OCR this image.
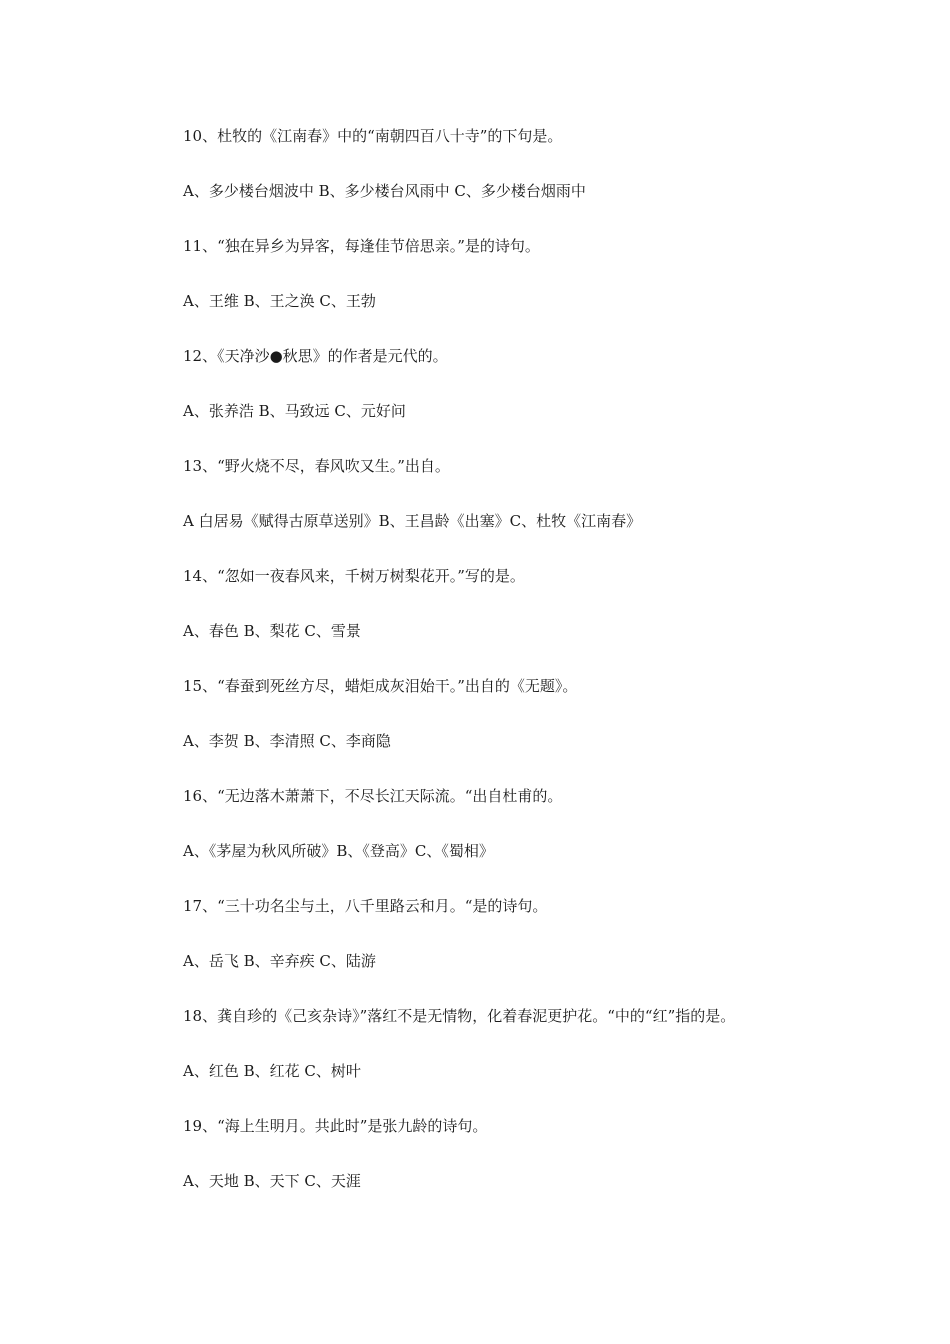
10、杜牧的《江南春》中的“南朝四百八十寺”的下句是。
A、多少楼台烟波中 B、多少楼台风雨中 C、多少楼台烟雨中
11、“独在异乡为异客，每逢佳节倍思亲。”是的诗句。
A、王维 B、王之涣 C、王勃
12、《天净沙●秋思》的作者是元代的。
A、张养浩 B、马致远 C、元好问
13、“野火烧不尽，春风吹又生。”出自。
A 白居易《赋得古原草送别》B、王昌龄《出塞》C、杜牧《江南春》
14、“忽如一夜春风来，千树万树梨花开。”写的是。
A、春色 B、梨花 C、雪景
15、“春蚕到死丝方尽，蜡炬成灰泪始干。”出自的《无题》。
A、李贺 B、李清照 C、李商隐
16、“无边落木萧萧下，不尽长江天际流。“出自杜甫的。
A、《茅屋为秋风所破》B、《登高》C、《蜀相》
17、“三十功名尘与土，八千里路云和月。“是的诗句。
A、岳飞 B、辛弃疾 C、陆游
18、龚自珍的《己亥杂诗》”落红不是无情物，化着春泥更护花。“中的“红”指的是。
A、红色 B、红花 C、树叶
19、“海上生明月。共此时”是张九龄的诗句。
A、天地 B、天下 C、天涯
